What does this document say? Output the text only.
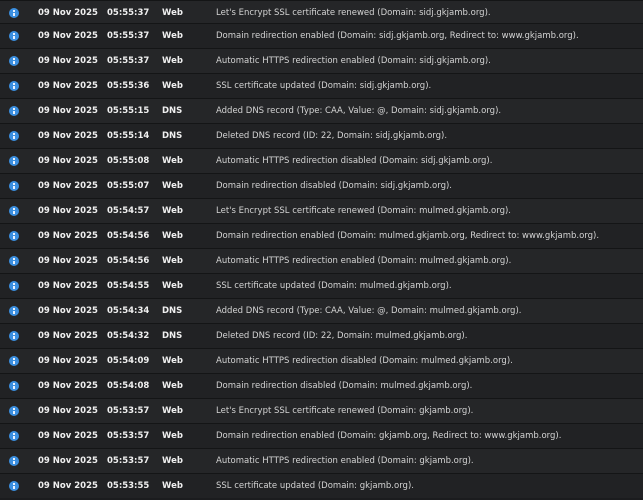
09 Nov 2025 05:55:37	Web	Let's Encrypt SSL certificate renewed (Domain: sidj.gkjamb.org).
09 Nov 2025 05:55:37	Web	Domain redirection enabled (Domain: sidj.gkjamb.org, Redirect to: www.gkjamb.org).
09 Nov 2025 05:55:37	Web	Automatic HTTPS redirection enabled (Domain: sidj.gkjamb.org).
09 Nov 2025 05:55:36	Web	SSL certificate updated (Domain: sidj.gkjamb.org).
09 Nov 2025 05:55:15	DNS	Added DNS record (Type: CAA, Value: @, Domain: sidj.gkjamb.org).
09 Nov 2025 05:55:14	DNS	Deleted DNS record (ID: 22, Domain: sidj.gkjamb.org).
09 Nov 2025 05:55:08	Web	Automatic HTTPS redirection disabled (Domain: sidj.gkjamb.org).
09 Nov 2025 05:55:07	Web	Domain redirection disabled (Domain: sidj.gkjamb.org).
09 Nov 2025 05:54:57	Web	Let's Encrypt SSL certificate renewed (Domain: mulmed.gkjamb.org).
09 Nov 2025 05:54:56	Web	Domain redirection enabled (Domain: mulmed.gkjamb.org, Redirect to: www.gkjamb.org).
09 Nov 2025 05:54:56	Web	Automatic HTTPS redirection enabled (Domain: mulmed.gkjamb.org).
09 Nov 2025 05:54:55	Web	SSL certificate updated (Domain: mulmed.gkjamb.org).
09 Nov 2025 05:54:34	DNS	Added DNS record (Type: CAA, Value: @, Domain: mulmed.gkjamb.org).
09 Nov 2025 05:54:32	DNS	Deleted DNS record (ID: 22, Domain: mulmed.gkjamb.org).
09 Nov 2025 05:54:09	Web	Automatic HTTPS redirection disabled (Domain: mulmed.gkjamb.org).
09 Nov 2025 05:54:08	Web	Domain redirection disabled (Domain: mulmed.gkjamb.org).
09 Nov 2025 05:53:57	Web	Let's Encrypt SSL certificate renewed (Domain: gkjamb.org).
09 Nov 2025 05:53:57	Web	Domain redirection enabled (Domain: gkjamb.org, Redirect to: www.gkjamb.org).
09 Nov 2025 05:53:57	Web	Automatic HTTPS redirection enabled (Domain: gkjamb.org).
09 Nov 2025 05:53:55	Web	SSL certificate updated (Domain: gkjamb.org).
